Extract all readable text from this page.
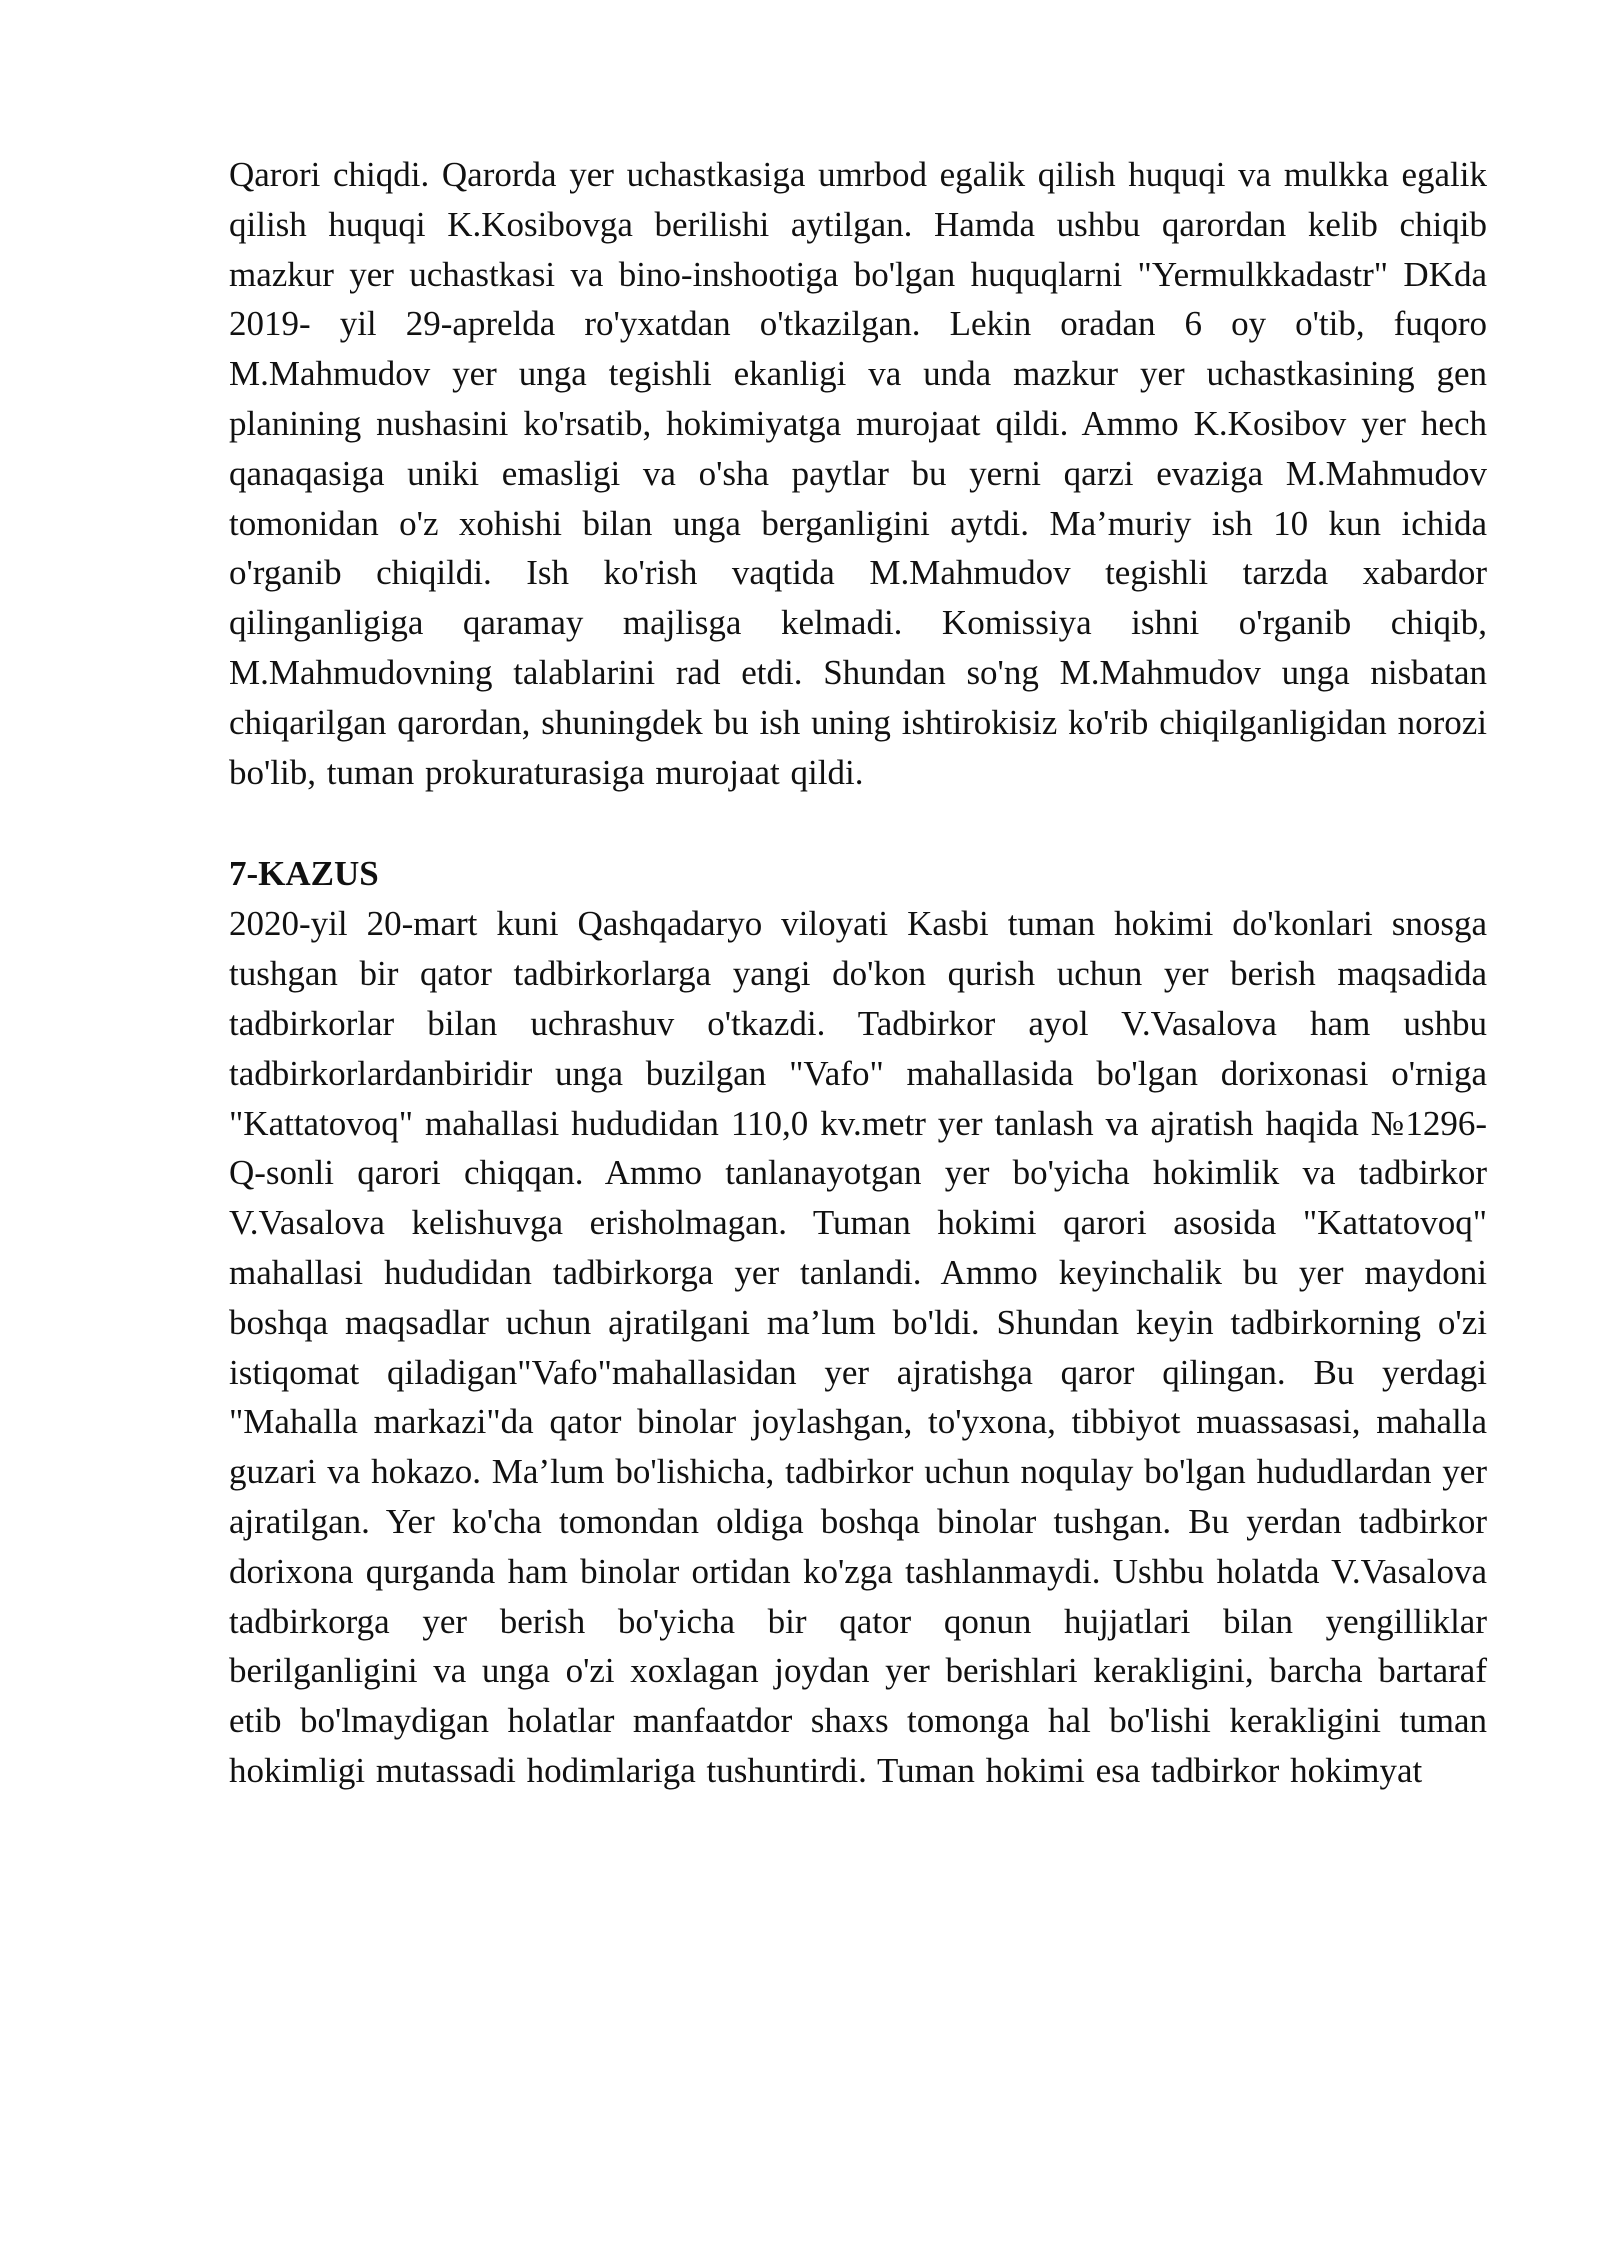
Qarori chiqdi. Qarorda yer uchastkasiga umrbod egalik qilish huquqi va mulkka egalik qilish huquqi K.Kosibovga berilishi aytilgan. Hamda ushbu qarordan kelib chiqib mazkur yer uchastkasi va bino-inshootiga bo'lgan huquqlarni "Yermulkkadastr" DKda 2019- yil 29-aprelda ro'yxatdan o'tkazilgan. Lekin oradan 6 oy o'tib, fuqoro M.Mahmudov yer unga tegishli ekanligi va unda mazkur yer uchastkasining gen planining nushasini ko'rsatib, hokimiyatga murojaat qildi. Ammo K.Kosibov yer hech qanaqasiga uniki emasligi va o'sha paytlar bu yerni qarzi evaziga M.Mahmudov tomonidan o'z xohishi bilan unga berganligini aytdi. Ma’muriy ish 10 kun ichida o'rganib chiqildi. Ish ko'rish vaqtida M.Mahmudov tegishli tarzda xabardor qilinganligiga qaramay majlisga kelmadi. Komissiya ishni o'rganib chiqib, M.Mahmudovning talablarini rad etdi. Shundan so'ng M.Mahmudov unga nisbatan chiqarilgan qarordan, shuningdek bu ish uning ishtirokisiz ko'rib chiqilganligidan norozi bo'lib, tuman prokuraturasiga murojaat qildi.

7-KAZUS

2020-yil 20-mart kuni Qashqadaryo viloyati Kasbi tuman hokimi do'konlari snosga tushgan bir qator tadbirkorlarga yangi do'kon qurish uchun yer berish maqsadida tadbirkorlar bilan uchrashuv o'tkazdi. Tadbirkor ayol V.Vasalova ham ushbu tadbirkorlardanbiridir unga buzilgan "Vafo" mahallasida bo'lgan dorixonasi o'rniga "Kattatovoq" mahallasi hududidan 110,0 kv.metr yer tanlash va ajratish haqida №1296-Q-sonli qarori chiqqan. Ammo tanlanayotgan yer bo'yicha hokimlik va tadbirkor V.Vasalova kelishuvga erisholmagan. Tuman hokimi qarori asosida "Kattatovoq" mahallasi hududidan tadbirkorga yer tanlandi. Ammo keyinchalik bu yer maydoni boshqa maqsadlar uchun ajratilgani ma’lum bo'ldi. Shundan keyin tadbirkorning o'zi istiqomat qiladigan"Vafo"mahallasidan yer ajratishga qaror qilingan. Bu yerdagi "Mahalla markazi"da qator binolar joylashgan, to'yxona, tibbiyot muassasasi, mahalla guzari va hokazo. Ma’lum bo'lishicha, tadbirkor uchun noqulay bo'lgan hududlardan yer ajratilgan. Yer ko'cha tomondan oldiga boshqa binolar tushgan. Bu yerdan tadbirkor dorixona qurganda ham binolar ortidan ko'zga tashlanmaydi. Ushbu holatda V.Vasalova tadbirkorga yer berish bo'yicha bir qator qonun hujjatlari bilan yengilliklar berilganligini va unga o'zi xoxlagan joydan yer berishlari kerakligini, barcha bartaraf etib bo'lmaydigan holatlar manfaatdor shaxs tomonga hal bo'lishi kerakligini tuman hokimligi mutassadi hodimlariga tushuntirdi. Tuman hokimi esa tadbirkor hokimyat
